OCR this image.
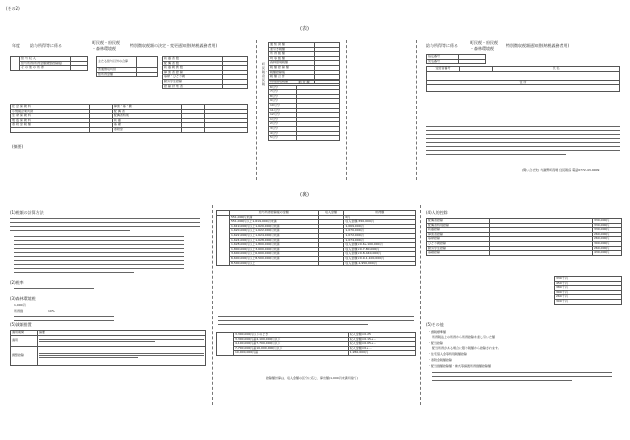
(その2)
(表)
(裏)
年度	給与所得等に係る
町民税・府民税
・森林環境税
特別徴収税額の決定・変更通知書(納税義務者用)
	給 与 収 入	
	給与所得(所得金額調整控除後)	
	そ の 他 の 所 得	
主たる給与以外の合算	
普通徴収切替	
総所得金額	
扶 養 者 数	
配 偶 者 数	
扶 養 親 族 数	
障 害 者 控 除	
寡婦・ひとり親	
勤労学生控除	
控 除 対 象 者	
社 会 保 険 料		障害・寡・勤		
小規模企業共済		配 偶 者		
生 命 保 険 料		配偶者特別		
地 震 保 険 料		扶 養		
寄 附 金 税 額		基 礎		
		寄附金		
(摘要)
町民税・府民税
通 知 済 額	
差引き税額	
所 得 割 額	
均 等 割 額	
森林環境税額	
税 額 控 除 額	
税額控除後	
税 額 合 計	
特別徴収税額		納 付 額	
6月分	
7月分	
8月分	
9月分	
10月分	
11月分	
12月分	
1月分	
2月分	
3月分	
4月分	
5月分	
給与所得等に係る
町民税・府民税
・森林環境税
特別徴収税額通知書(納税義務者用)
指定番号	
宛名番号	
受給者番号		氏 名

住 所

(問い合せ先) 与謝野町役場 住民税係 電話0772-43-9009
(1)税額の計算方法
(2)税率
(3)森林環境税
1,000円
所得割	10%
(5)減額措置
適用期間	摘要
適用	

調整控除	
	給与所得控除後の金額	収入金額	所得額
	551,000円未満		0円
	551,000円以上1,619,000円未満		収入金額-550,000円
	1,619,000円以上1,620,000円未満		1,069,000円
	1,620,000円以上1,622,000円未満		1,070,000円
	1,622,000円以上1,624,000円未満		1,072,000円
	1,624,000円以上1,628,000円未満		1,074,000円
	1,628,000円以上1,800,000円未満		収入金額×0.6+100,000円
	1,800,000円以上3,600,000円未満		収入金額×0.7-80,000円
	3,600,000円以上6,600,000円未満		収入金額×0.8-440,000円
	6,600,000円以上8,500,000円未満		収入金額×0.9-1,100,000円
	8,500,000円以上		収入金額-1,950,000円
	3,300,000円以下のとき	収入金額×0.25
	3,300,000円超4,100,000円以下	収入金額×0.15+...
	4,100,000円超7,700,000円以下	収入金額×0.05+...
	7,700,000円超10,000,000円以下	収入金額×0+...
	10,000,000円超	1,950,000円
控除額計算は、収入金額の区分に応じ、算出額(1,000円未満切捨て)
(4)人的控除
配偶者控除		330,000円
配偶者特別控除		330,000円
扶養控除		330,000円
障害者控除		260,000円
寡婦控除		260,000円
ひとり親控除		300,000円
勤労学生控除		260,000円
基礎控除		430,000円
330千円
450千円
380千円
300千円
260千円
300千円
(5)その他
・課税標準額
所得税法上の所得から所得控除を差し引いた額
・配当控除
配当所得がある場合に限り税額から控除されます。
・住宅借入金等特別税額控除
・寄附金税額控除
・配当割額控除額・株式等譲渡所得割額控除額
